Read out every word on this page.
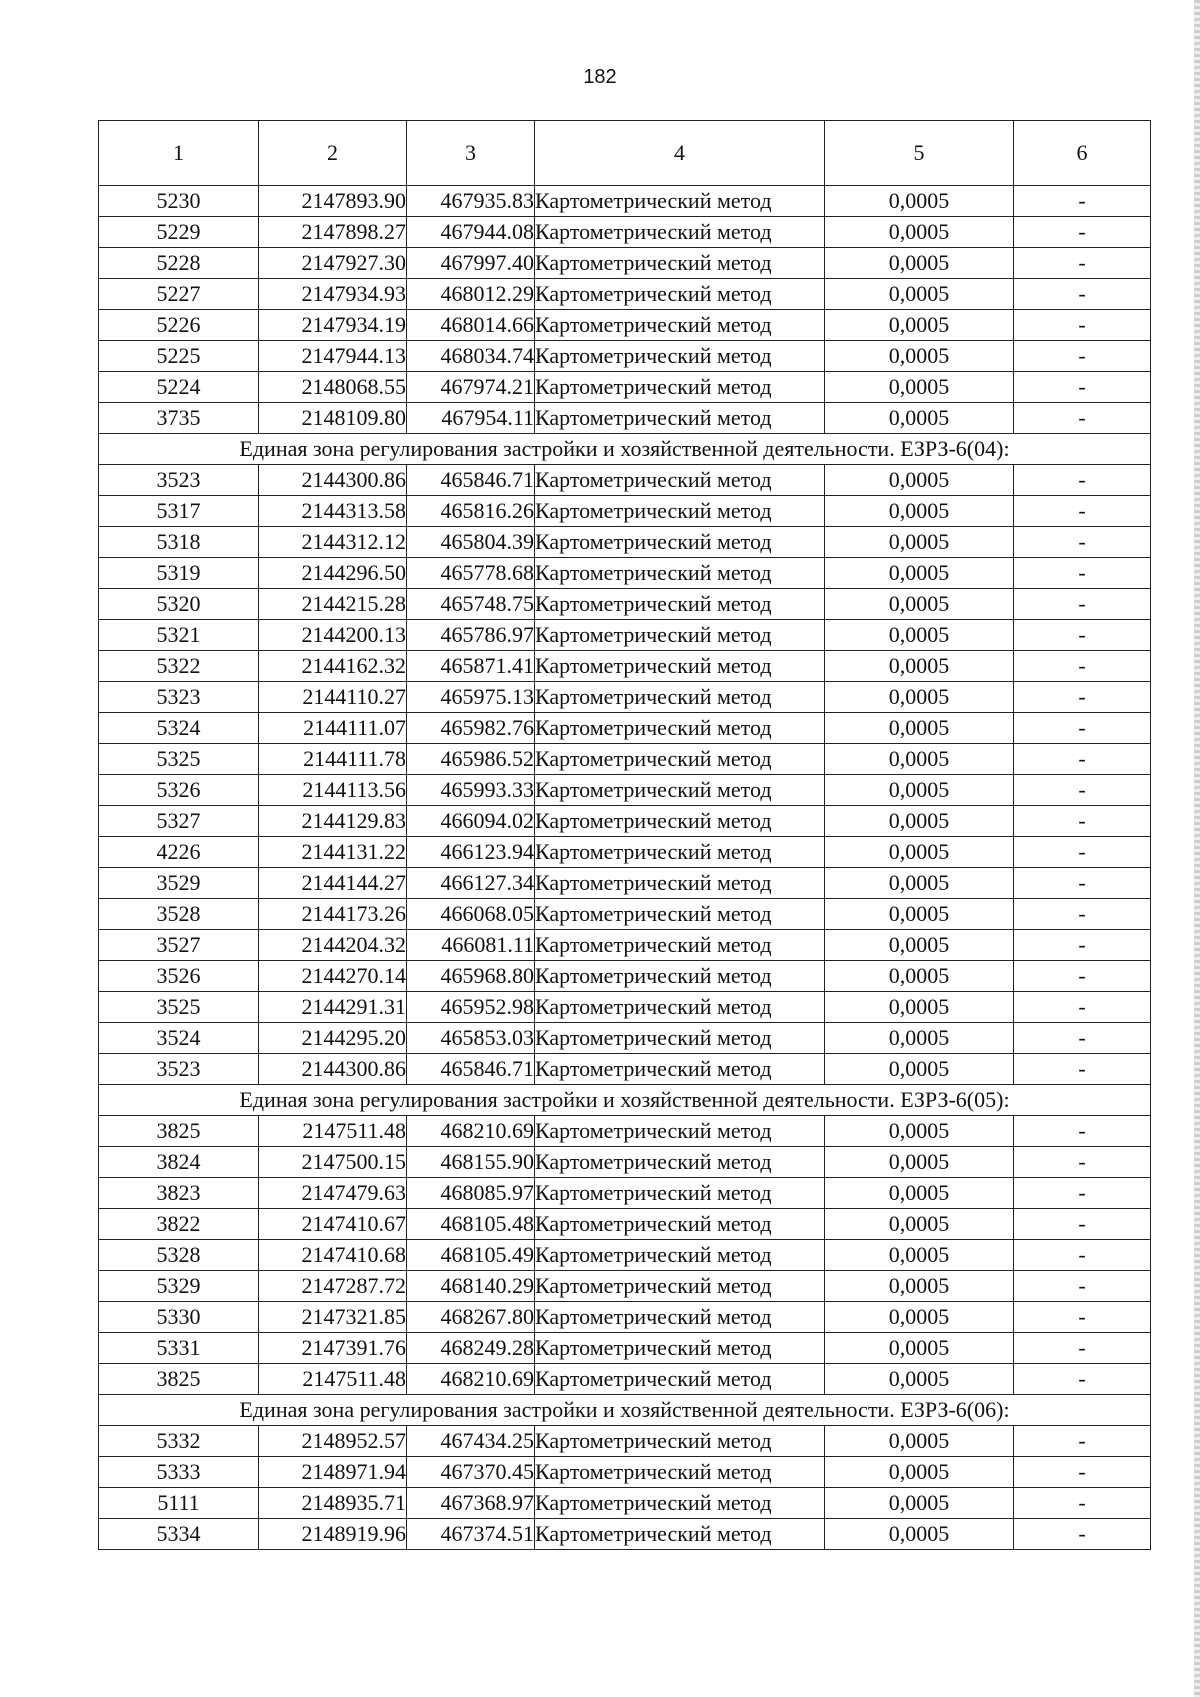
182
1	2	3	4	5	6
5230	2147893.90	467935.83	Картометрический метод	0,0005	-
5229	2147898.27	467944.08	Картометрический метод	0,0005	-
5228	2147927.30	467997.40	Картометрический метод	0,0005	-
5227	2147934.93	468012.29	Картометрический метод	0,0005	-
5226	2147934.19	468014.66	Картометрический метод	0,0005	-
5225	2147944.13	468034.74	Картометрический метод	0,0005	-
5224	2148068.55	467974.21	Картометрический метод	0,0005	-
3735	2148109.80	467954.11	Картометрический метод	0,0005	-
Единая зона регулирования застройки и хозяйственной деятельности. ЕЗРЗ-6(04):					
3523	2144300.86	465846.71	Картометрический метод	0,0005	-
5317	2144313.58	465816.26	Картометрический метод	0,0005	-
5318	2144312.12	465804.39	Картометрический метод	0,0005	-
5319	2144296.50	465778.68	Картометрический метод	0,0005	-
5320	2144215.28	465748.75	Картометрический метод	0,0005	-
5321	2144200.13	465786.97	Картометрический метод	0,0005	-
5322	2144162.32	465871.41	Картометрический метод	0,0005	-
5323	2144110.27	465975.13	Картометрический метод	0,0005	-
5324	2144111.07	465982.76	Картометрический метод	0,0005	-
5325	2144111.78	465986.52	Картометрический метод	0,0005	-
5326	2144113.56	465993.33	Картометрический метод	0,0005	-
5327	2144129.83	466094.02	Картометрический метод	0,0005	-
4226	2144131.22	466123.94	Картометрический метод	0,0005	-
3529	2144144.27	466127.34	Картометрический метод	0,0005	-
3528	2144173.26	466068.05	Картометрический метод	0,0005	-
3527	2144204.32	466081.11	Картометрический метод	0,0005	-
3526	2144270.14	465968.80	Картометрический метод	0,0005	-
3525	2144291.31	465952.98	Картометрический метод	0,0005	-
3524	2144295.20	465853.03	Картометрический метод	0,0005	-
3523	2144300.86	465846.71	Картометрический метод	0,0005	-
Единая зона регулирования застройки и хозяйственной деятельности. ЕЗРЗ-6(05):					
3825	2147511.48	468210.69	Картометрический метод	0,0005	-
3824	2147500.15	468155.90	Картометрический метод	0,0005	-
3823	2147479.63	468085.97	Картометрический метод	0,0005	-
3822	2147410.67	468105.48	Картометрический метод	0,0005	-
5328	2147410.68	468105.49	Картометрический метод	0,0005	-
5329	2147287.72	468140.29	Картометрический метод	0,0005	-
5330	2147321.85	468267.80	Картометрический метод	0,0005	-
5331	2147391.76	468249.28	Картометрический метод	0,0005	-
3825	2147511.48	468210.69	Картометрический метод	0,0005	-
Единая зона регулирования застройки и хозяйственной деятельности. ЕЗРЗ-6(06):					
5332	2148952.57	467434.25	Картометрический метод	0,0005	-
5333	2148971.94	467370.45	Картометрический метод	0,0005	-
5111	2148935.71	467368.97	Картометрический метод	0,0005	-
5334	2148919.96	467374.51	Картометрический метод	0,0005	-
